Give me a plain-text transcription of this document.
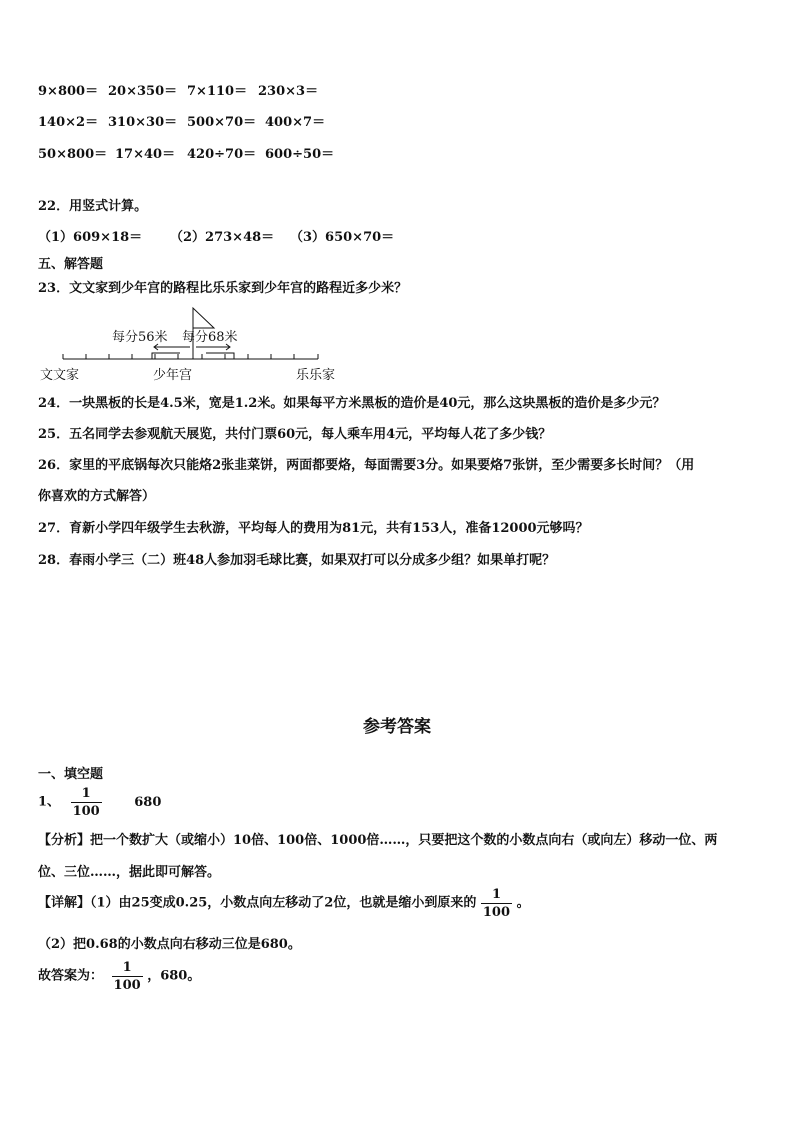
9×800＝ 20×350＝ 7×110＝ 230×3＝
140×2＝ 310×30＝ 500×70＝ 400×7＝
50×800＝ 17×40＝ 420÷70＝ 600÷50＝
22．用竖式计算。
（1）609×18＝ （2）273×48＝ （3）650×70＝
五、解答题
23．文文家到少年宫的路程比乐乐家到少年宫的路程近多少米？
每分56米 每分68米
文文家	少年宫	乐乐家
24．一块黑板的长是4.5米，宽是1.2米。如果每平方米黑板的造价是40元，那么这块黑板的造价是多少元？
25．五名同学去参观航天展览，共付门票60元，每人乘车用4元，平均每人花了多少钱？
26．家里的平底锅每次只能烙2张韭菜饼，两面都要烙，每面需要3分。如果要烙7张饼，至少需要多长时间？（用
你喜欢的方式解答）
27．育新小学四年级学生去秋游，平均每人的费用为81元，共有153人，准备12000元够吗？
28．春雨小学三（二）班48人参加羽毛球比赛，如果双打可以分成多少组？如果单打呢？
参考答案
一、填空题
1、 $\frac{1}{100}$	680
【分析】把一个数扩大（或缩小）10倍、100倍、1000倍……，只要把这个数的小数点向右（或向左）移动一位、两
位、三位……，据此即可解答。
【详解】（1）由25变成0.25，小数点向左移动了2位，也就是缩小到原来的 $\frac{1}{100}$ 。
（2）把0.68的小数点向右移动三位是680。
故答案为： $\frac{1}{100}$ ，680。
